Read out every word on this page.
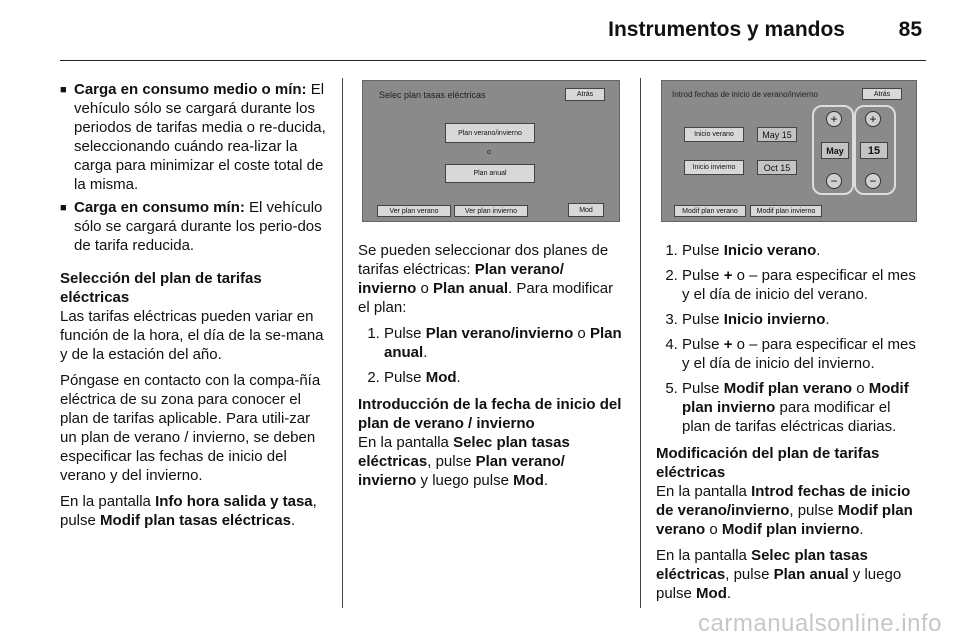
Instrumentos y mandos	85
■ Carga en consumo medio o mín: El vehículo sólo se cargará durante los periodos de tarifas media o re-ducida, seleccionando cuándo rea-lizar la carga para minimizar el coste total de la misma.
■ Carga en consumo mín: El vehículo sólo se cargará durante los perio-dos de tarifa reducida.
Selección del plan de tarifas eléctricas

Las tarifas eléctricas pueden variar en función de la hora, el día de la se-mana y de la estación del año.

Póngase en contacto con la compa-ñía eléctrica de su zona para conocer el plan de tarifas aplicable. Para utili-zar un plan de verano / invierno, se deben especificar las fechas de inicio del verano y del invierno.

En la pantalla Info hora salida y tasa, pulse Modif plan tasas eléctricas.

Selec plan tasas eléctricas	Atrás
Plan verano/invierno
o
Plan anual
Ver plan verano	Ver plan invierno	Mod

Se pueden seleccionar dos planes de tarifas eléctricas: Plan verano/ invierno o Plan anual. Para modificar el plan:

1. Pulse Plan verano/invierno o Plan anual.
2. Pulse Mod.
Introducción de la fecha de inicio del plan de verano / invierno

En la pantalla Selec plan tasas eléctricas, pulse Plan verano/ invierno y luego pulse Mod.

Introd fechas de inicio de verano/invierno	Atrás
Inicio verano	May 15
Inicio invierno	Oct 15
+
May
−
+
15
−
Modif plan verano	Modif plan invierno
1. Pulse Inicio verano.
2. Pulse + o – para especificar el mes y el día de inicio del verano.
3. Pulse Inicio invierno.
4. Pulse + o – para especificar el mes y el día de inicio del invierno.
5. Pulse Modif plan verano o Modif plan invierno para modificar el plan de tarifas eléctricas diarias.
Modificación del plan de tarifas eléctricas

En la pantalla Introd fechas de inicio de verano/invierno, pulse Modif plan verano o Modif plan invierno.

En la pantalla Selec plan tasas eléctricas, pulse Plan anual y luego pulse Mod.

carmanualsonline.info
